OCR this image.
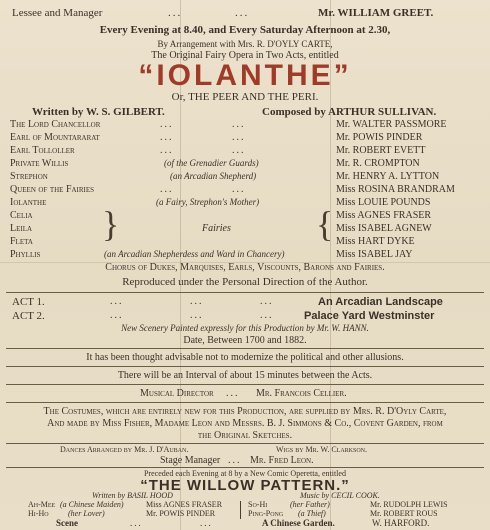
Lessee and Manager	...	...	Mr. WILLIAM GREET.
Every Evening at 8.40, and Every Saturday Afternoon at 2.30,
By Arrangement with Mrs. R. D'OYLY CARTE,
The Original Fairy Opera in Two Acts, entitled
“IOLANTHE”
Or, THE PEER AND THE PERI.
Written by W. S. GILBERT.	Composed by ARTHUR SULLIVAN.
The Lord Chancellor	...	...	Mr. WALTER PASSMORE
Earl of Mountararat	...	...	Mr. POWIS PINDER
Earl Tolloller	...	...	Mr. ROBERT EVETT
Private Willis	(of the Grenadier Guards)	Mr. R. CROMPTON
Strephon	(an Arcadian Shepherd)	Mr. HENRY A. LYTTON
Queen of the Fairies	...	...	Miss ROSINA BRANDRAM
Iolanthe	(a Fairy, Strephon's Mother)	Miss LOUIE POUNDS
Celia	Miss AGNES FRASER
Leila	Fairies	Miss ISABEL AGNEW
Fleta	Miss HART DYKE
}	{
Phyllis	(an Arcadian Shepherdess and Ward in Chancery)	Miss ISABEL JAY
Chorus of Dukes, Marquises, Earls, Viscounts, Barons and Fairies.
Reproduced under the Personal Direction of the Author.
ACT 1.	...	...	...	An Arcadian Landscape
ACT 2.	...	...	...	Palace Yard Westminster
New Scenery Painted expressly for this Production by Mr. W. HANN.
Date, Between 1700 and 1882.
It has been thought advisable not to modernize the political and other allusions.
There will be an Interval of about 15 minutes between the Acts.
Musical Director ... Mr. Francois Cellier.
The Costumes, which are entirely new for this Production, are supplied by Mrs. R. D'Oyly Carte,
And made by Miss Fisher, Madame Leon and Messrs. B. J. Simmons & Co., Covent Garden, from
the Original Sketches.
Dances Arranged by Mr. J. D'Auban.	Wigs by Mr. W. Clarkson.
Stage Manager ... Mr. Fred Leon.
Preceded each Evening at 8 by a New Comic Operetta, entitled
“THE WILLOW PATTERN.”
Written by BASIL HOOD	Music by CECIL COOK.
Ah-Mee (a Chinese Maiden)	Miss AGNES FRASER
Hi-Ho (her Lover)	Mr. POWIS PINDER
So-Hi	(her Father)	Mr. RUDOLPH LEWIS
Ping-Pong (a Thief)	Mr. ROBERT ROUS
Scene	...	...	A Chinese Garden.	W. HARFORD.
